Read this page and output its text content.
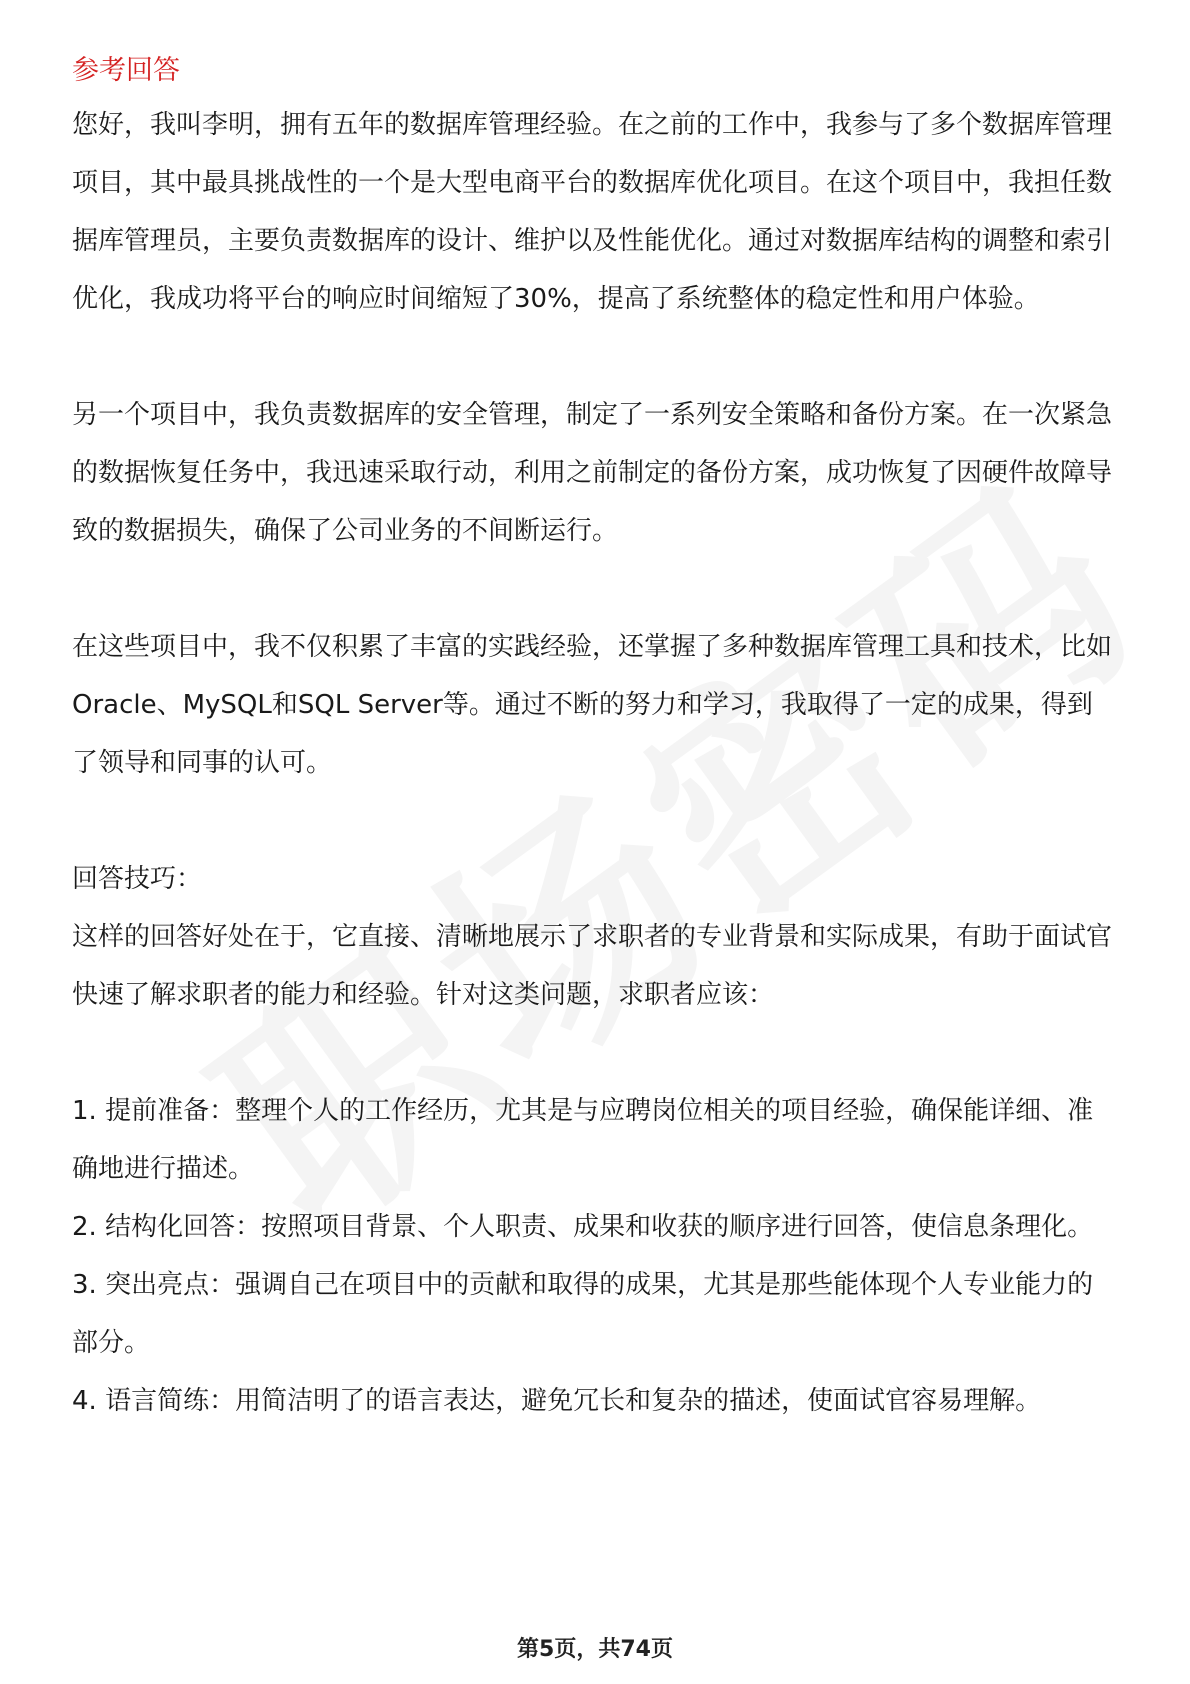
参考回答

您好，我叫李明，拥有五年的数据库管理经验。在之前的工作中，我参与了多个数据库管理项目，其中最具挑战性的一个是大型电商平台的数据库优化项目。在这个项目中，我担任数据库管理员，主要负责数据库的设计、维护以及性能优化。通过对数据库结构的调整和索引优化，我成功将平台的响应时间缩短了30%，提高了系统整体的稳定性和用户体验。

另一个项目中，我负责数据库的安全管理，制定了一系列安全策略和备份方案。在一次紧急的数据恢复任务中，我迅速采取行动，利用之前制定的备份方案，成功恢复了因硬件故障导致的数据损失，确保了公司业务的不间断运行。

在这些项目中，我不仅积累了丰富的实践经验，还掌握了多种数据库管理工具和技术，比如Oracle、MySQL和SQL Server等。通过不断的努力和学习，我取得了一定的成果，得到了领导和同事的认可。

回答技巧：

这样的回答好处在于，它直接、清晰地展示了求职者的专业背景和实际成果，有助于面试官快速了解求职者的能力和经验。针对这类问题，求职者应该：

1. 提前准备：整理个人的工作经历，尤其是与应聘岗位相关的项目经验，确保能详细、准确地进行描述。

2. 结构化回答：按照项目背景、个人职责、成果和收获的顺序进行回答，使信息条理化。

3. 突出亮点：强调自己在项目中的贡献和取得的成果，尤其是那些能体现个人专业能力的部分。

4. 语言简练：用简洁明了的语言表达，避免冗长和复杂的描述，使面试官容易理解。

第5页，共74页
